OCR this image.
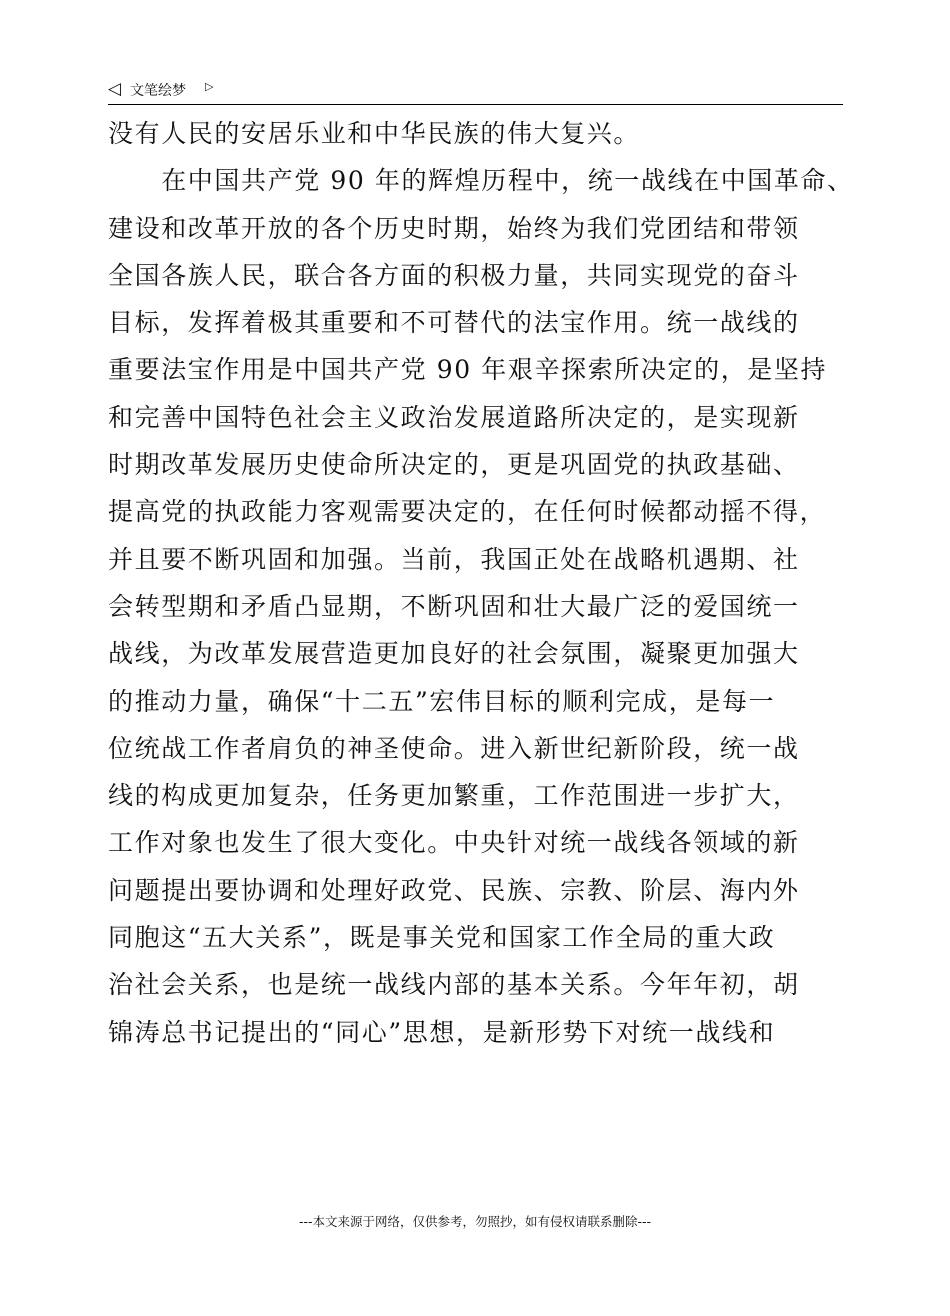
◁ 文笔绘梦 ▷
没有人民的安居乐业和中华民族的伟大复兴。
　　在中国共产党 90 年的辉煌历程中，统一战线在中国革命、
建设和改革开放的各个历史时期，始终为我们党团结和带领
全国各族人民，联合各方面的积极力量，共同实现党的奋斗
目标，发挥着极其重要和不可替代的法宝作用。统一战线的
重要法宝作用是中国共产党 90 年艰辛探索所决定的，是坚持
和完善中国特色社会主义政治发展道路所决定的，是实现新
时期改革发展历史使命所决定的，更是巩固党的执政基础、
提高党的执政能力客观需要决定的，在任何时候都动摇不得，
并且要不断巩固和加强。当前，我国正处在战略机遇期、社
会转型期和矛盾凸显期，不断巩固和壮大最广泛的爱国统一
战线，为改革发展营造更加良好的社会氛围，凝聚更加强大
的推动力量，确保“十二五”宏伟目标的顺利完成，是每一
位统战工作者肩负的神圣使命。进入新世纪新阶段，统一战
线的构成更加复杂，任务更加繁重，工作范围进一步扩大，
工作对象也发生了很大变化。中央针对统一战线各领域的新
问题提出要协调和处理好政党、民族、宗教、阶层、海内外
同胞这“五大关系”，既是事关党和国家工作全局的重大政
治社会关系，也是统一战线内部的基本关系。今年年初，胡
锦涛总书记提出的“同心”思想，是新形势下对统一战线和
---本文来源于网络，仅供参考，勿照抄，如有侵权请联系删除---
